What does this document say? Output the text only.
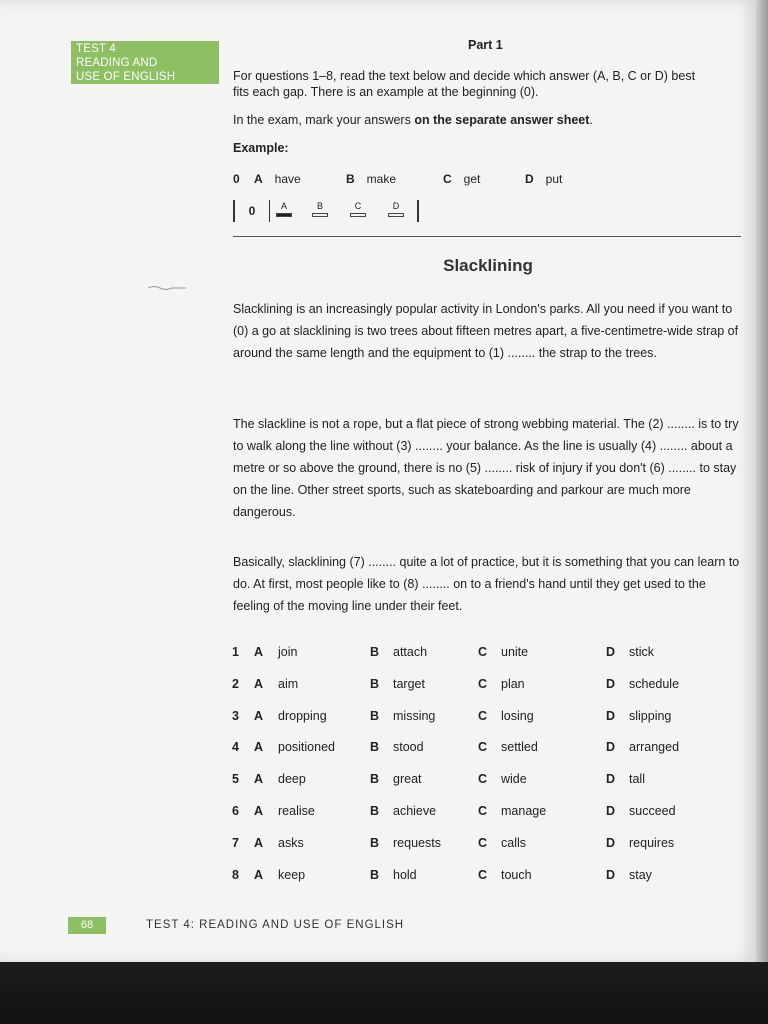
TEST 4
READING AND
USE OF ENGLISH
Part 1
For questions 1–8, read the text below and decide which answer (A, B, C or D) best
fits each gap. There is an example at the beginning (0).
In the exam, mark your answers on the separate answer sheet.
Example:
0	A have	B make	C get	D put
0	A	B	C	D
Slacklining
Slacklining is an increasingly popular activity in London's parks. All you need if you want to (0) a go at slacklining is two trees about fifteen metres apart, a five-centimetre-wide strap of around the same length and the equipment to (1) ........ the strap to the trees.
The slackline is not a rope, but a flat piece of strong webbing material. The (2) ........ is to try to walk along the line without (3) ........ your balance. As the line is usually (4) ........ about a metre or so above the ground, there is no (5) ........ risk of injury if you don't (6) ........ to stay on the line. Other street sports, such as skateboarding and parkour are much more dangerous.
Basically, slacklining (7) ........ quite a lot of practice, but it is something that you can learn to do. At first, most people like to (8) ........ on to a friend's hand until they get used to the feeling of the moving line under their feet.
1 A join	B attach	C unite	D stick
2 A aim	B target	C plan	D schedule
3 A dropping	B missing	C losing	D slipping
4 A positioned	B stood	C settled	D arranged
5 A deep	B great	C wide	D tall
6 A realise	B achieve	C manage	D succeed
7 A asks	B requests	C calls	D requires
8 A keep	B hold	C touch	D stay
68	TEST 4: READING AND USE OF ENGLISH
